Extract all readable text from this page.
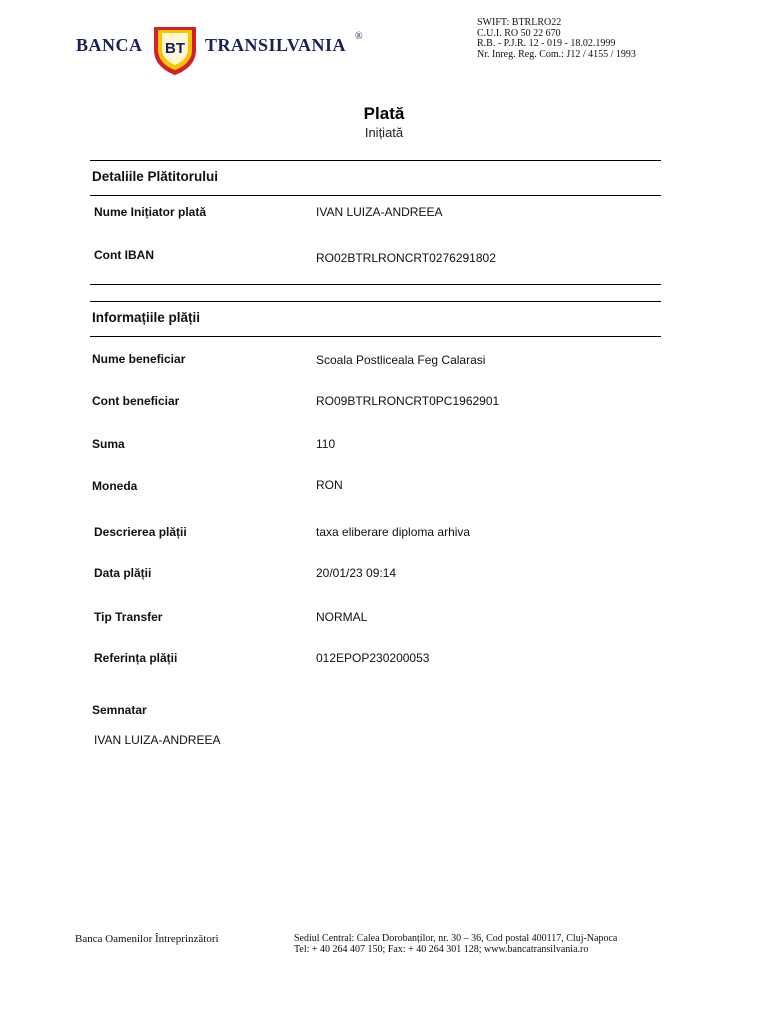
BANCA BT TRANSILVANIA ®
SWIFT: BTRLRO22
C.U.I. RO 50 22 670
R.B. - P.J.R. 12 - 019 - 18.02.1999
Nr. Inreg. Reg. Com.: J12 / 4155 / 1993
Plată
Inițiată
Detaliile Plătitorului
Nume Inițiator plată	IVAN LUIZA-ANDREEA
Cont IBAN	RO02BTRLRONCRT0276291802
Informațiile plății
Nume beneficiar	Scoala Postliceala Feg Calarasi
Cont beneficiar	RO09BTRLRONCRT0PC1962901
Suma	110
Moneda	RON
Descrierea plății	taxa eliberare diploma arhiva
Data plății	20/01/23 09:14
Tip Transfer	NORMAL
Referința plății	012EPOP230200053
Semnatar
IVAN LUIZA-ANDREEA
Banca Oamenilor Întreprinzători	Sediul Central: Calea Dorobanților, nr. 30 – 36, Cod postal 400117, Cluj-Napoca
Tel: + 40 264 407 150; Fax: + 40 264 301 128; www.bancatransilvania.ro
